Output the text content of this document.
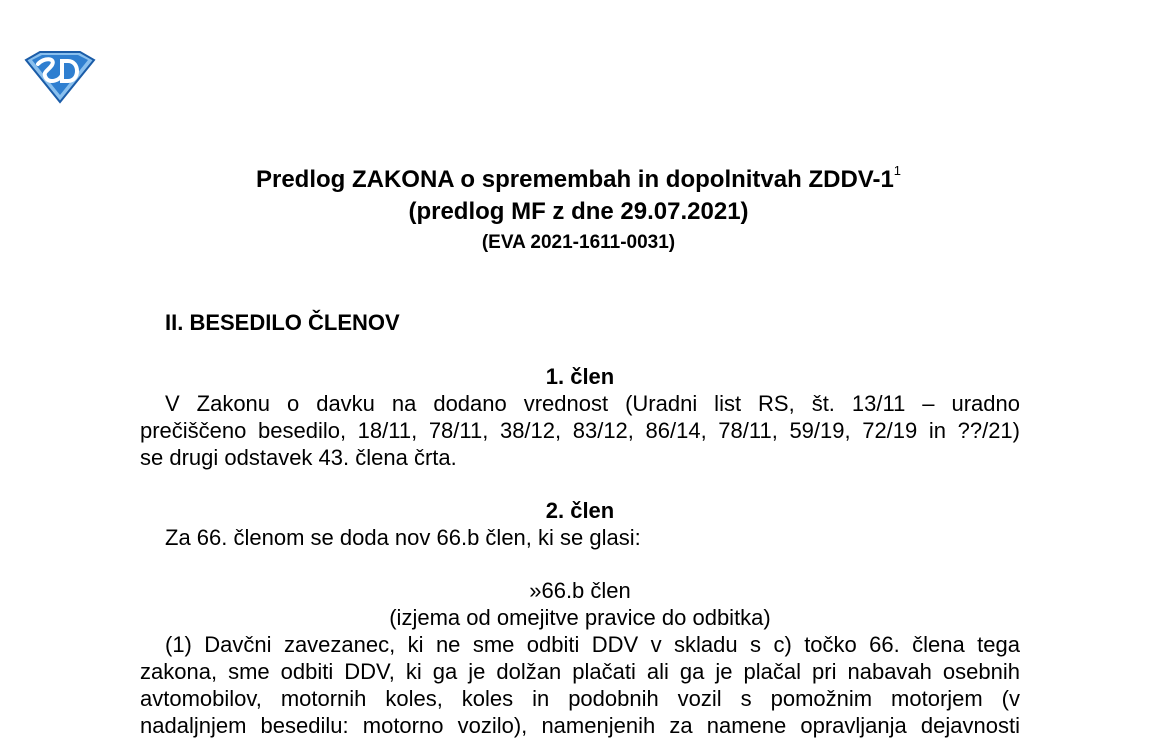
Predlog ZAKONA o spremembah in dopolnitvah ZDDV-$1^1$
(predlog MF z dne 29.07.2021)
(EVA 2021-1611-0031)
II. BESEDILO ČLENOV
1. člen
V Zakonu o davku na dodano vrednost (Uradni list RS, št. 13/11 – uradno
prečiščeno besedilo, 18/11, 78/11, 38/12, 83/12, 86/14, 78/11, 59/19, 72/19 in ??/21)
se drugi odstavek 43. člena črta.
2. člen
Za 66. členom se doda nov 66.b člen, ki se glasi:
»66.b člen
(izjema od omejitve pravice do odbitka)
(1) Davčni zavezanec, ki ne sme odbiti DDV v skladu s c) točko 66. člena tega
zakona, sme odbiti DDV, ki ga je dolžan plačati ali ga je plačal pri nabavah osebnih
avtomobilov, motornih koles, koles in podobnih vozil s pomožnim motorjem (v
nadaljnjem besedilu: motorno vozilo), namenjenih za namene opravljanja dejavnosti
